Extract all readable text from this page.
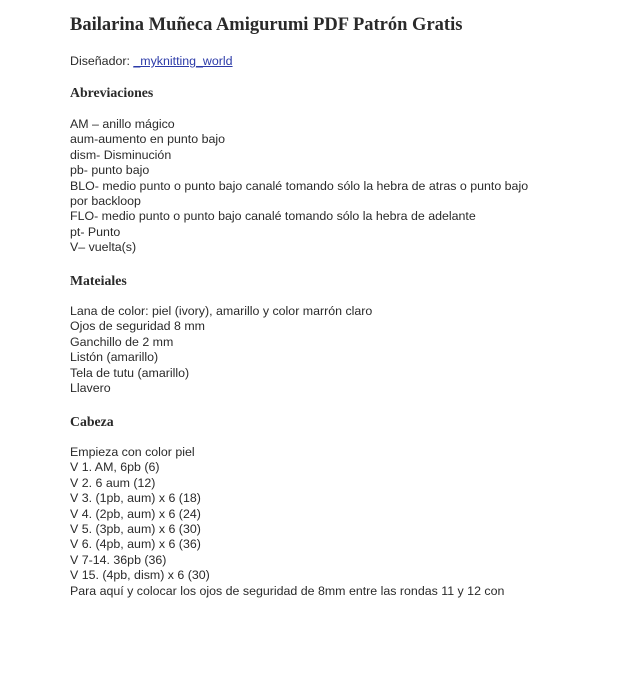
Bailarina Muñeca Amigurumi PDF Patrón Gratis
Diseñador: _myknitting_world
Abreviaciones
AM – anillo mágico
aum-aumento en punto bajo
dism- Disminución
pb- punto bajo
BLO- medio punto o punto bajo canalé tomando sólo la hebra de atras o punto bajo
por backloop
FLO- medio punto o punto bajo canalé tomando sólo la hebra de adelante
pt- Punto
V– vuelta(s)
Mateiales
Lana de color: piel (ivory), amarillo y color marrón claro
Ojos de seguridad 8 mm
Ganchillo de 2 mm
Listón (amarillo)
Tela de tutu (amarillo)
Llavero
Cabeza
Empieza con color piel
V 1. AM, 6pb (6)
V 2. 6 aum (12)
V 3. (1pb, aum) x 6 (18)
V 4. (2pb, aum) x 6 (24)
V 5. (3pb, aum) x 6 (30)
V 6. (4pb, aum) x 6 (36)
V 7-14. 36pb (36)
V 15. (4pb, dism) x 6 (30)
Para aquí y colocar los ojos de seguridad de 8mm entre las rondas 11 y 12 con
